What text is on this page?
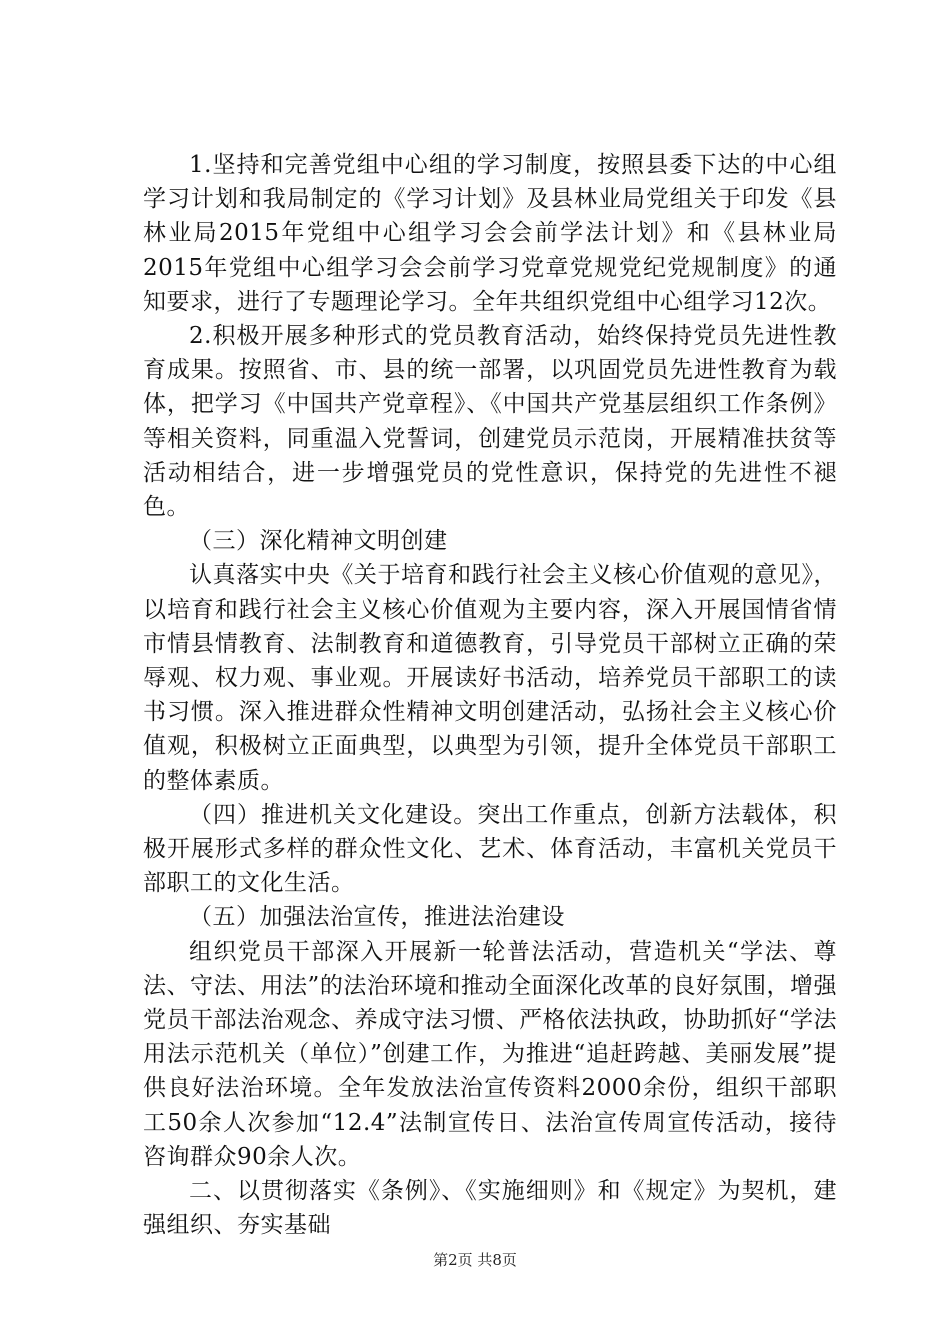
1.坚持和完善党组中心组的学习制度，按照县委下达的中心组学习计划和我局制定的《学习计划》及县林业局党组关于印发《县林业局2015年党组中心组学习会会前学法计划》和《县林业局2015年党组中心组学习会会前学习党章党规党纪党规制度》的通知要求，进行了专题理论学习。全年共组织党组中心组学习12次。

2.积极开展多种形式的党员教育活动，始终保持党员先进性教育成果。按照省、市、县的统一部署，以巩固党员先进性教育为载体，把学习《中国共产党章程》、《中国共产党基层组织工作条例》等相关资料，同重温入党誓词，创建党员示范岗，开展精准扶贫等活动相结合，进一步增强党员的党性意识，保持党的先进性不褪色。

（三）深化精神文明创建

认真落实中央《关于培育和践行社会主义核心价值观的意见》，以培育和践行社会主义核心价值观为主要内容，深入开展国情省情市情县情教育、法制教育和道德教育，引导党员干部树立正确的荣辱观、权力观、事业观。开展读好书活动，培养党员干部职工的读书习惯。深入推进群众性精神文明创建活动，弘扬社会主义核心价值观，积极树立正面典型，以典型为引领，提升全体党员干部职工的整体素质。

（四）推进机关文化建设。突出工作重点，创新方法载体，积极开展形式多样的群众性文化、艺术、体育活动，丰富机关党员干部职工的文化生活。

（五）加强法治宣传，推进法治建设

组织党员干部深入开展新一轮普法活动，营造机关“学法、尊法、守法、用法”的法治环境和推动全面深化改革的良好氛围，增强党员干部法治观念、养成守法习惯、严格依法执政，协助抓好“学法用法示范机关（单位）”创建工作，为推进“追赶跨越、美丽发展”提供良好法治环境。全年发放法治宣传资料2000余份，组织干部职工50余人次参加“12.4”法制宣传日、法治宣传周宣传活动，接待咨询群众90余人次。

二、以贯彻落实《条例》、《实施细则》和《规定》为契机，建强组织、夯实基础

第2页 共8页
